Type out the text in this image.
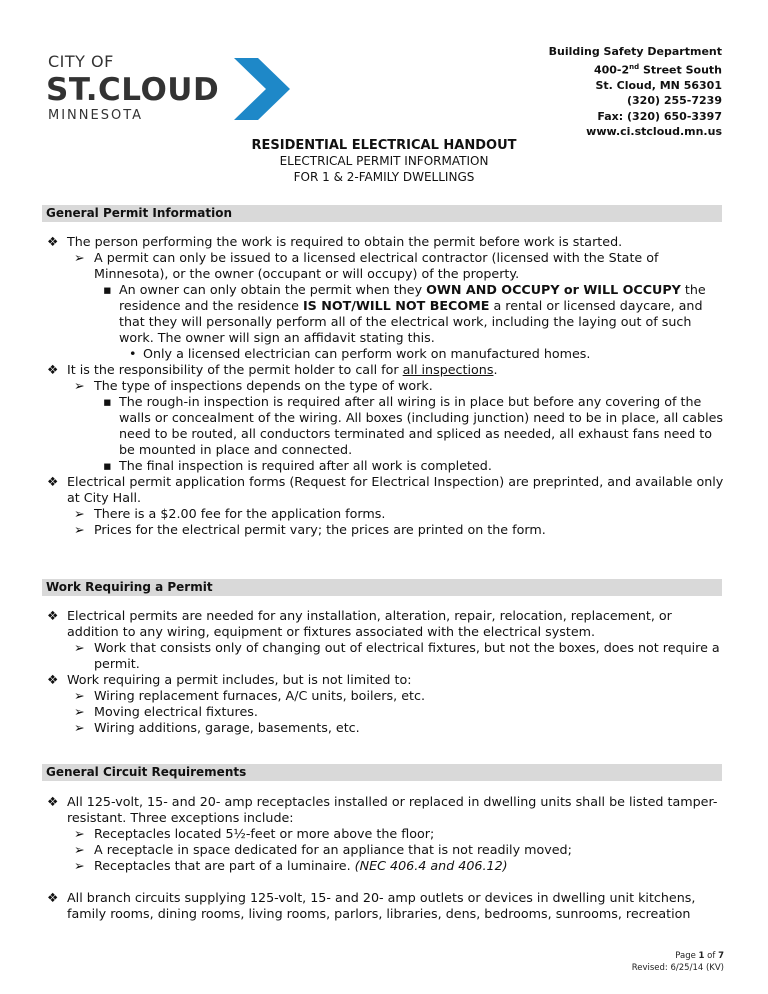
CITY OF
ST.CLOUD
MINNESOTA
Building Safety Department
400-2nd Street South
St. Cloud, MN 56301
(320) 255-7239
Fax: (320) 650-3397
www.ci.stcloud.mn.us
RESIDENTIAL ELECTRICAL HANDOUT
ELECTRICAL PERMIT INFORMATION
FOR 1 & 2-FAMILY DWELLINGS
General Permit Information
❖ The person performing the work is required to obtain the permit before work is started.
➢ A permit can only be issued to a licensed electrical contractor (licensed with the State of Minnesota), or the owner (occupant or will occupy) of the property.
▪ An owner can only obtain the permit when they OWN AND OCCUPY or WILL OCCUPY the residence and the residence IS NOT/WILL NOT BECOME a rental or licensed daycare, and that they will personally perform all of the electrical work, including the laying out of such work. The owner will sign an affidavit stating this.
• Only a licensed electrician can perform work on manufactured homes.
❖ It is the responsibility of the permit holder to call for all inspections.
➢ The type of inspections depends on the type of work.
▪ The rough-in inspection is required after all wiring is in place but before any covering of the walls or concealment of the wiring. All boxes (including junction) need to be in place, all cables need to be routed, all conductors terminated and spliced as needed, all exhaust fans need to be mounted in place and connected.
▪ The final inspection is required after all work is completed.
❖ Electrical permit application forms (Request for Electrical Inspection) are preprinted, and available only at City Hall.
➢ There is a $2.00 fee for the application forms.
➢ Prices for the electrical permit vary; the prices are printed on the form.
Work Requiring a Permit
❖ Electrical permits are needed for any installation, alteration, repair, relocation, replacement, or addition to any wiring, equipment or fixtures associated with the electrical system.
➢ Work that consists only of changing out of electrical fixtures, but not the boxes, does not require a permit.
❖ Work requiring a permit includes, but is not limited to:
➢ Wiring replacement furnaces, A/C units, boilers, etc.
➢ Moving electrical fixtures.
➢ Wiring additions, garage, basements, etc.
General Circuit Requirements
❖ All 125-volt, 15- and 20- amp receptacles installed or replaced in dwelling units shall be listed tamper-resistant. Three exceptions include:
➢ Receptacles located 5½-feet or more above the floor;
➢ A receptacle in space dedicated for an appliance that is not readily moved;
➢ Receptacles that are part of a luminaire. (NEC 406.4 and 406.12)
❖ All branch circuits supplying 125-volt, 15- and 20- amp outlets or devices in dwelling unit kitchens, family rooms, dining rooms, living rooms, parlors, libraries, dens, bedrooms, sunrooms, recreation
Page 1 of 7
Revised: 6/25/14 (KV)
